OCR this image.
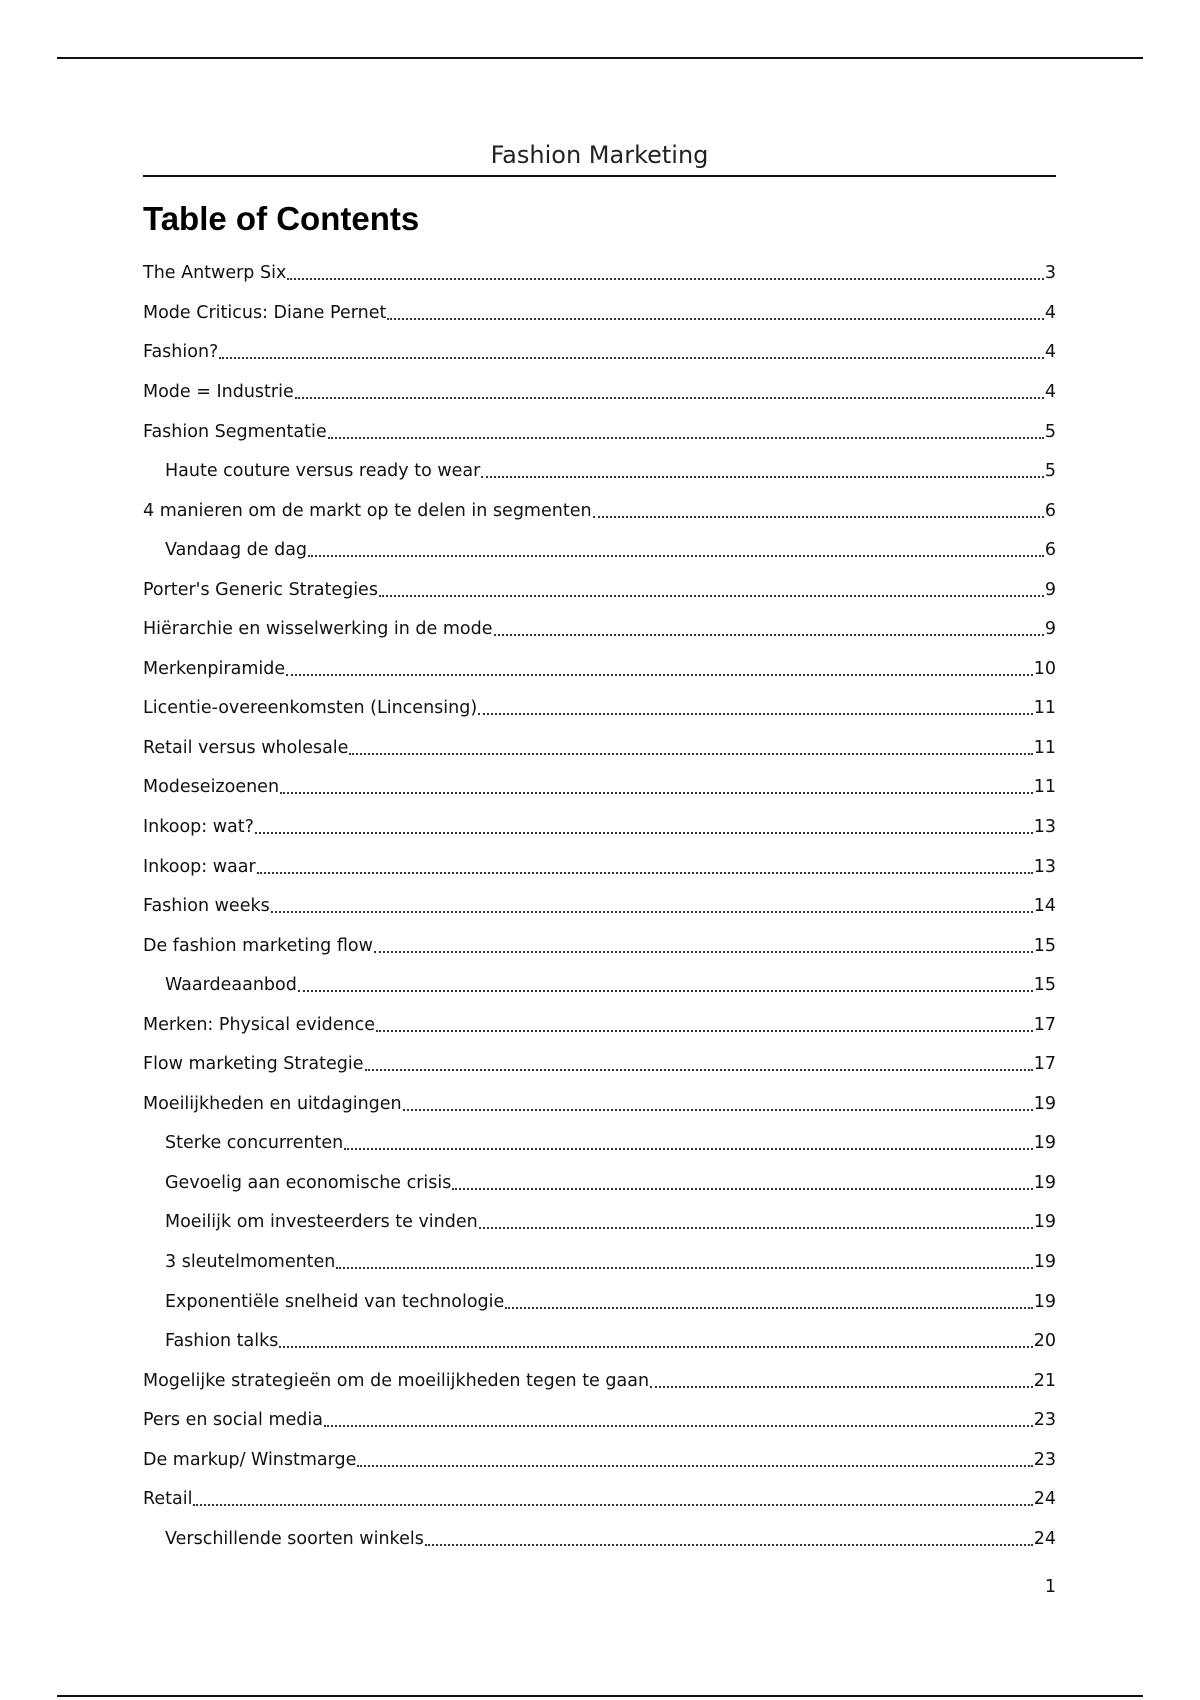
Fashion Marketing
Table of Contents
The Antwerp Six	3
Mode Criticus: Diane Pernet	4
Fashion?	4
Mode = Industrie	4
Fashion Segmentatie	5
Haute couture versus ready to wear	5
4 manieren om de markt op te delen in segmenten	6
Vandaag de dag	6
Porter's Generic Strategies	9
Hiërarchie en wisselwerking in de mode	9
Merkenpiramide	10
Licentie-overeenkomsten (Lincensing)	11
Retail versus wholesale	11
Modeseizoenen	11
Inkoop: wat?	13
Inkoop: waar	13
Fashion weeks	14
De fashion marketing flow	15
Waardeaanbod	15
Merken: Physical evidence	17
Flow marketing Strategie	17
Moeilijkheden en uitdagingen	19
Sterke concurrenten	19
Gevoelig aan economische crisis	19
Moeilijk om investeerders te vinden	19
3 sleutelmomenten	19
Exponentiële snelheid van technologie	19
Fashion talks	20
Mogelijke strategieën om de moeilijkheden tegen te gaan	21
Pers en social media	23
De markup/ Winstmarge	23
Retail	24
Verschillende soorten winkels	24
1
